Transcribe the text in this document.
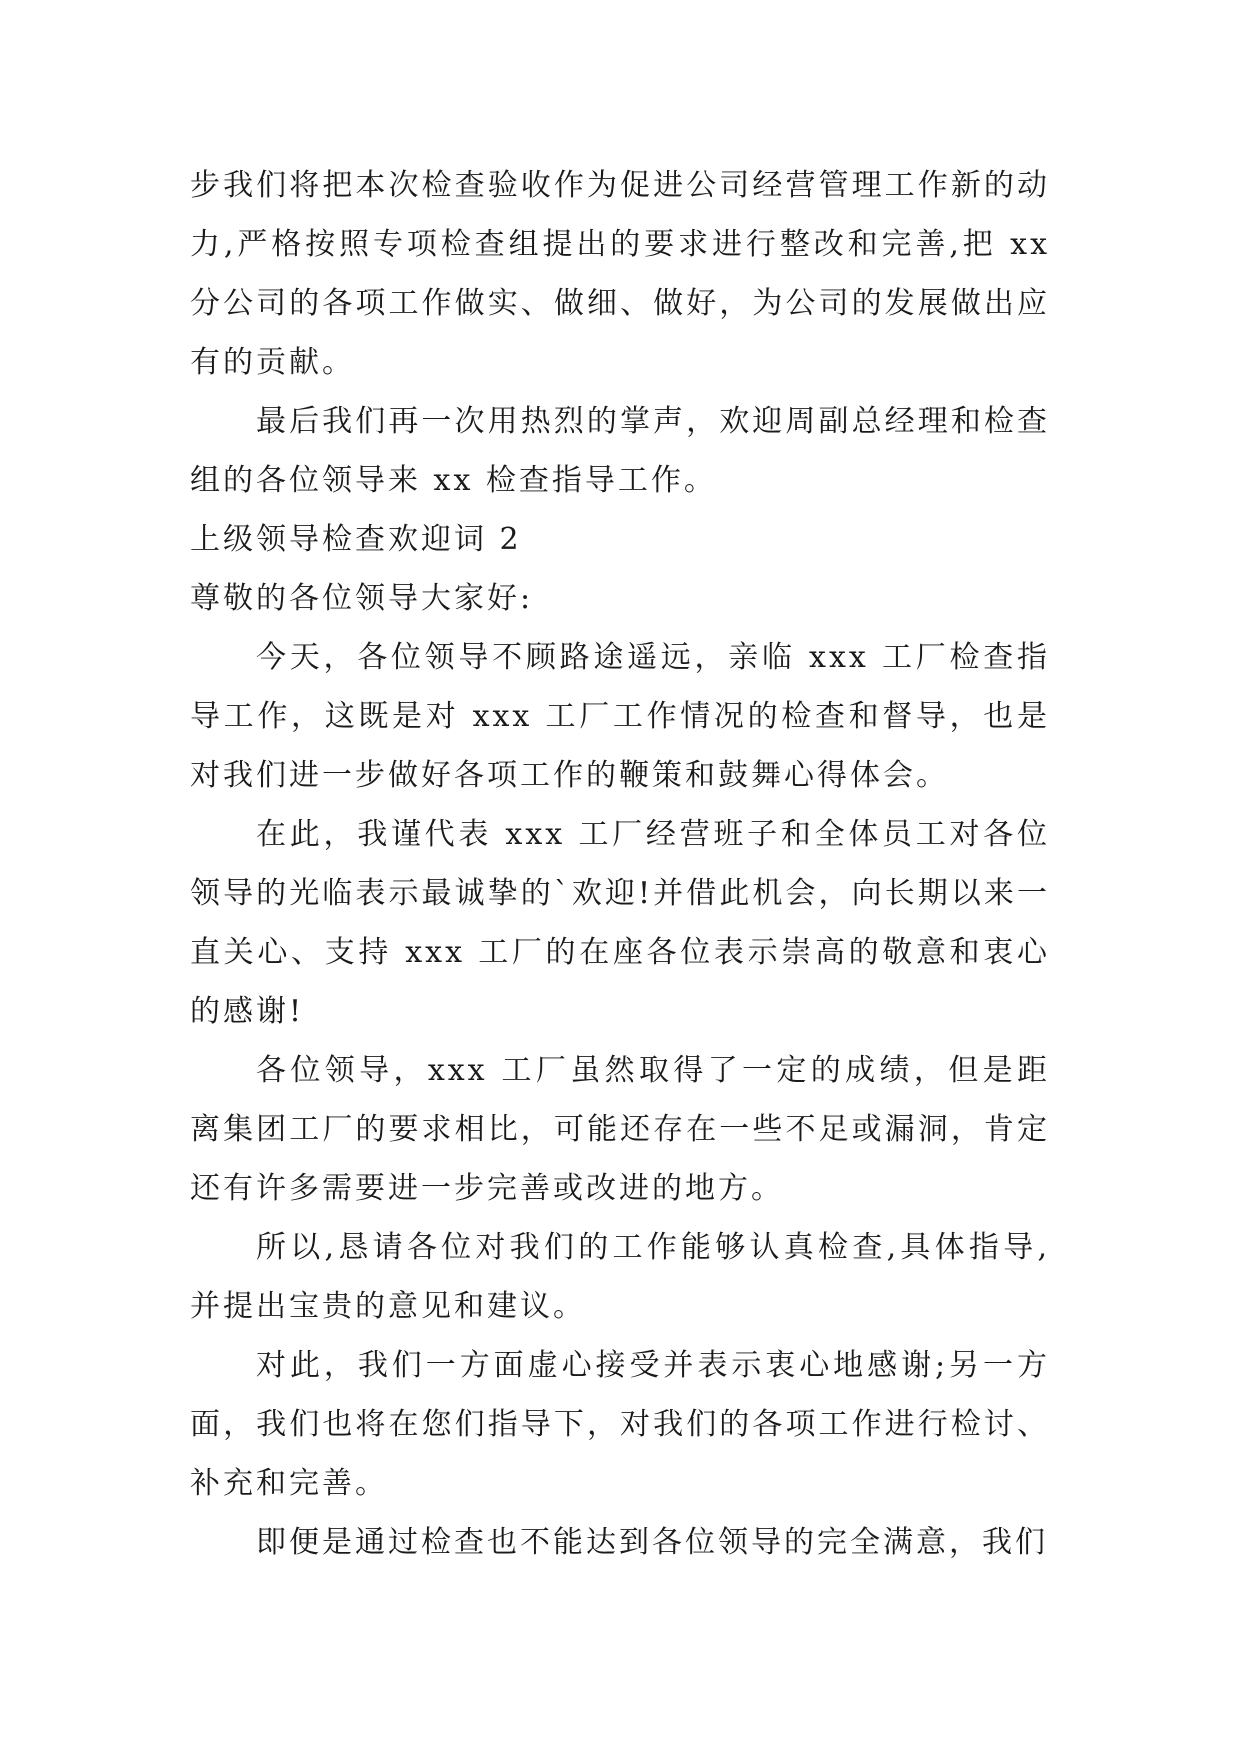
步我们将把本次检查验收作为促进公司经营管理工作新的动力,严格按照专项检查组提出的要求进行整改和完善,把 xx 分公司的各项工作做实、做细、做好，为公司的发展做出应有的贡献。

最后我们再一次用热烈的掌声，欢迎周副总经理和检查组的各位领导来 xx 检查指导工作。

上级领导检查欢迎词 2

尊敬的各位领导大家好:

今天，各位领导不顾路途遥远，亲临 xxx 工厂检查指导工作，这既是对 xxx 工厂工作情况的检查和督导，也是对我们进一步做好各项工作的鞭策和鼓舞心得体会。

在此，我谨代表 xxx 工厂经营班子和全体员工对各位领导的光临表示最诚挚的`欢迎!并借此机会，向长期以来一直关心、支持 xxx 工厂的在座各位表示崇高的敬意和衷心的感谢!

各位领导，xxx 工厂虽然取得了一定的成绩，但是距离集团工厂的要求相比，可能还存在一些不足或漏洞，肯定还有许多需要进一步完善或改进的地方。

所以,恳请各位对我们的工作能够认真检查,具体指导,并提出宝贵的意见和建议。

对此，我们一方面虚心接受并表示衷心地感谢;另一方面，我们也将在您们指导下，对我们的各项工作进行检讨、补充和完善。

即便是通过检查也不能达到各位领导的完全满意，我们
